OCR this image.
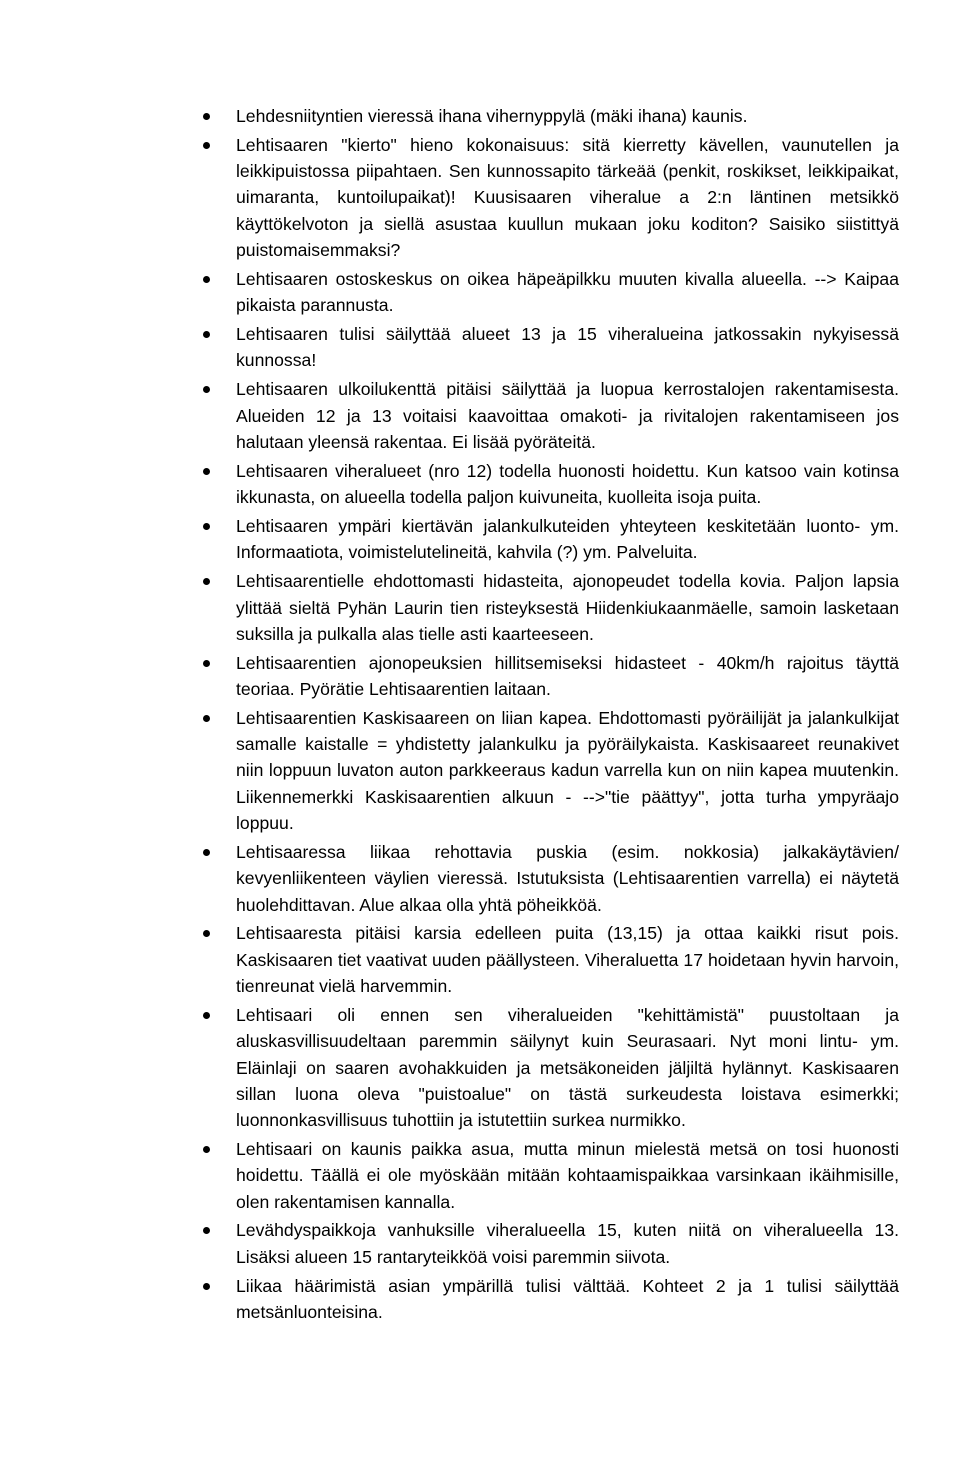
Taloustutkimus
8.1.2010
Avoin palaute
Helsingin kaupunki, rakennusvirasto
Lehtisaari-Kuusisaari-Kaskisaari käyttäjäkysely 2009
7 (12)
T5720
Lehdesniityntien vieressä ihana vihernyppylä (mäki ihana) kaunis.
Lehtisaaren "kierto" hieno kokonaisuus: sitä kierretty kävellen, vaunutellen ja leikkipuistossa piipahtaen. Sen kunnossapito tärkeää (penkit, roskikset, leikkipaikat, uimaranta, kuntoilupaikat)! Kuusisaaren viheralue a 2:n läntinen metsikkö käyttökelvoton ja siellä asustaa kuullun mukaan joku koditon? Saisiko siistittyä puistomaisemmaksi?
Lehtisaaren ostoskeskus on oikea häpeäpilkku muuten kivalla alueella. --> Kaipaa pikaista parannusta.
Lehtisaaren tulisi säilyttää alueet 13 ja 15 viheralueina jatkossakin nykyisessä kunnossa!
Lehtisaaren ulkoilukenttä pitäisi säilyttää ja luopua kerrostalojen rakentamisesta. Alueiden 12 ja 13 voitaisi kaavoittaa omakoti- ja rivitalojen rakentamiseen jos halutaan yleensä rakentaa. Ei lisää pyöräteitä.
Lehtisaaren viheralueet (nro 12) todella huonosti hoidettu. Kun katsoo vain kotinsa ikkunasta, on alueella todella paljon kuivuneita, kuolleita isoja puita.
Lehtisaaren ympäri kiertävän jalankulkuteiden yhteyteen keskitetään luonto- ym. Informaatiota, voimistelutelineitä, kahvila (?) ym. Palveluita.
Lehtisaarentielle ehdottomasti hidasteita, ajonopeudet todella kovia. Paljon lapsia ylittää sieltä Pyhän Laurin tien risteyksestä Hiidenkiukaanmäelle, samoin lasketaan suksilla ja pulkalla alas tielle asti kaarteeseen.
Lehtisaarentien ajonopeuksien hillitsemiseksi hidasteet - 40km/h rajoitus täyttä teoriaa. Pyörätie Lehtisaarentien laitaan.
Lehtisaarentien Kaskisaareen on liian kapea. Ehdottomasti pyöräilijät ja jalankulkijat samalle kaistalle = yhdistetty jalankulku ja pyöräilykaista. Kaskisaareet reunakivet niin loppuun luvaton auton parkkeeraus kadun varrella kun on niin kapea muutenkin. Liikennemerkki Kaskisaarentien alkuun - -->"tie päättyy", jotta turha ympyräajo loppuu.
Lehtisaaressa liikaa rehottavia puskia (esim. nokkosia) jalkakäytävien/ kevyenliikenteen väylien vieressä. Istutuksista (Lehtisaarentien varrella) ei näytetä huolehdittavan. Alue alkaa olla yhtä pöheikköä.
Lehtisaaresta pitäisi karsia edelleen puita (13,15) ja ottaa kaikki risut pois. Kaskisaaren tiet vaativat uuden päällysteen. Viheraluetta 17 hoidetaan hyvin harvoin, tienreunat vielä harvemmin.
Lehtisaari oli ennen sen viheralueiden "kehittämistä" puustoltaan ja aluskasvillisuudeltaan paremmin säilynyt kuin Seurasaari. Nyt moni lintu- ym. Eläinlaji on saaren avohakkuiden ja metsäkoneiden jäljiltä hylännyt. Kaskisaaren sillan luona oleva "puistoalue" on tästä surkeudesta loistava esimerkki; luonnonkasvillisuus tuhottiin ja istutettiin surkea nurmikko.
Lehtisaari on kaunis paikka asua, mutta minun mielestä metsä on tosi huonosti hoidettu. Täällä ei ole myöskään mitään kohtaamispaikkaa varsinkaan ikäihmisille, olen rakentamisen kannalla.
Levähdyspaikkoja vanhuksille viheralueella 15, kuten niitä on viheralueella 13. Lisäksi alueen 15 rantaryteikköä voisi paremmin siivota.
Liikaa häärimistä asian ympärillä tulisi välttää. Kohteet 2 ja 1 tulisi säilyttää metsänluonteisina.
